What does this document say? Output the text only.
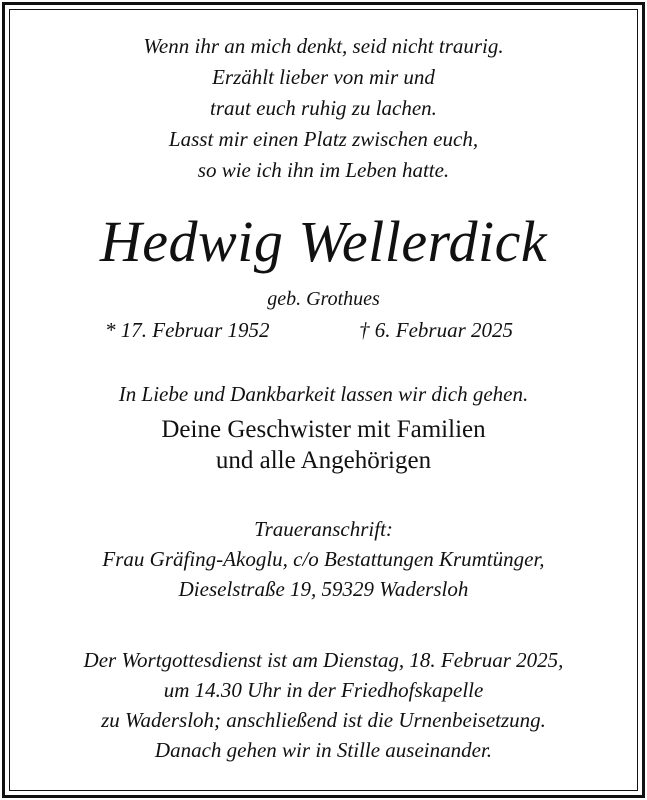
Wenn ihr an mich denkt, seid nicht traurig.
Erzählt lieber von mir und
traut euch ruhig zu lachen.
Lasst mir einen Platz zwischen euch,
so wie ich ihn im Leben hatte.
Hedwig Wellerdick
geb. Grothues
* 17. Februar 1952	† 6. Februar 2025
In Liebe und Dankbarkeit lassen wir dich gehen.
Deine Geschwister mit Familien
und alle Angehörigen
Traueranschrift:
Frau Gräfing-Akoglu, c/o Bestattungen Krumtünger,
Dieselstraße 19, 59329 Wadersloh
Der Wortgottesdienst ist am Dienstag, 18. Februar 2025,
um 14.30 Uhr in der Friedhofskapelle
zu Wadersloh; anschließend ist die Urnenbeisetzung.
Danach gehen wir in Stille auseinander.
